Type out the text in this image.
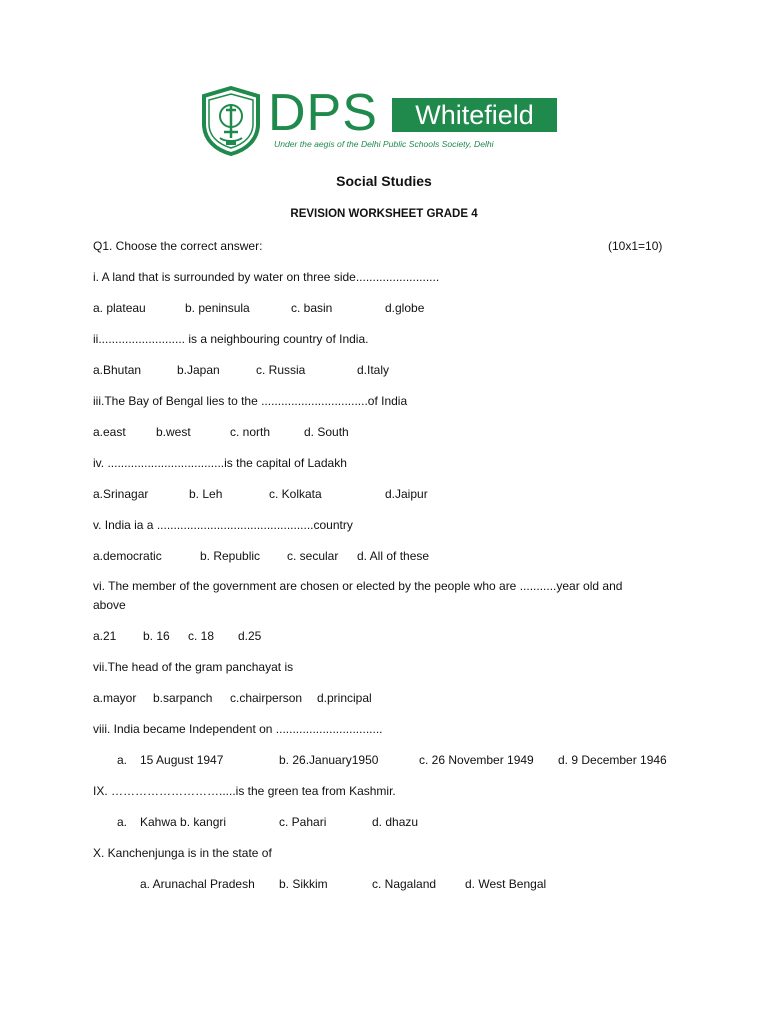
DPS	Whitefield
Under the aegis of the Delhi Public Schools Society, Delhi
Social Studies
REVISION WORKSHEET GRADE 4
Q1. Choose the correct answer:	(10x1=10)
i. A land that is surrounded by water on three side.........................
a. plateau	b. peninsula	c. basin	d.globe
ii.......................... is a neighbouring country of India.
a.Bhutan	b.Japan	c. Russia	d.Italy
iii.The Bay of Bengal lies to the ................................of India
a.east	b.west	c. north	d. South
iv. ...................................is the capital of Ladakh
a.Srinagar	b. Leh	c. Kolkata	d.Jaipur
v. India ia a ...............................................country
a.democratic	b. Republic c. secular d. All of these
vi. The member of the government are chosen or elected by the people who are ...........year old and
above
a.21 b. 16 c. 18 d.25
vii.The head of the gram panchayat is
a.mayor b.sarpanch c.chairperson d.principal
viii. India became Independent on ................................
a. 15 August 1947	b. 26.January1950	c. 26 November 1949 d. 9 December 1946
IX. ……………………….....is the green tea from Kashmir.
a. Kahwa b. kangri	c. Pahari	d. dhazu
X. Kanchenjunga is in the state of
a. Arunachal Pradesh b. Sikkim	c. Nagaland d. West Bengal
